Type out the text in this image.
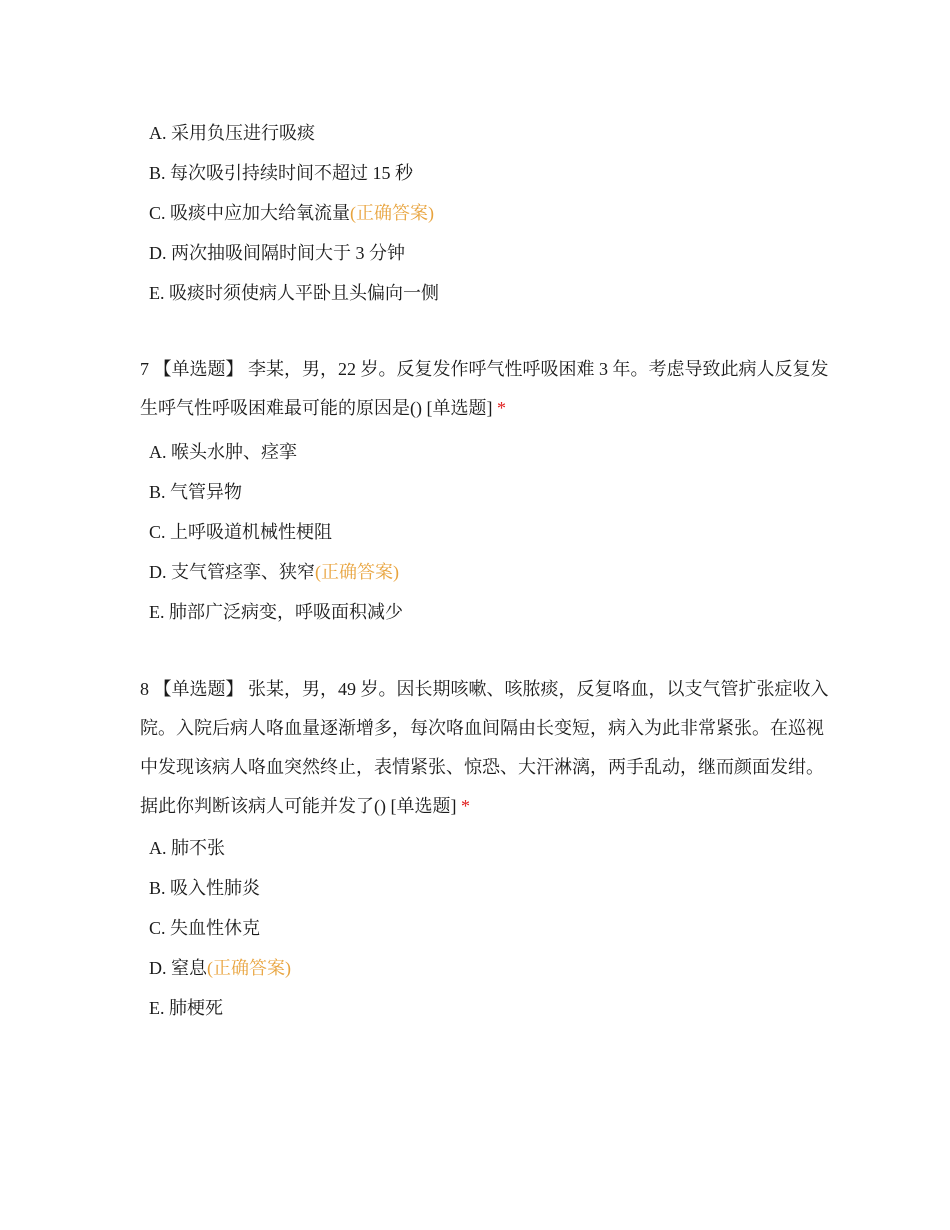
A. 采用负压进行吸痰
B. 每次吸引持续时间不超过 15 秒
C. 吸痰中应加大给氧流量(正确答案)
D. 两次抽吸间隔时间大于 3 分钟
E. 吸痰时须使病人平卧且头偏向一侧
7 【单选题】 李某，男，22 岁。反复发作呼气性呼吸困难 3 年。考虑导致此病人反复发生呼气性呼吸困难最可能的原因是() [单选题] *
A. 喉头水肿、痉挛
B. 气管异物
C. 上呼吸道机械性梗阻
D. 支气管痉挛、狭窄(正确答案)
E. 肺部广泛病变，呼吸面积减少
8 【单选题】 张某，男，49 岁。因长期咳嗽、咳脓痰，反复咯血，以支气管扩张症收入院。入院后病人咯血量逐渐增多，每次咯血间隔由长变短，病入为此非常紧张。在巡视中发现该病人咯血突然终止，表情紧张、惊恐、大汗淋漓，两手乱动，继而颜面发绀。据此你判断该病人可能并发了() [单选题] *
A. 肺不张
B. 吸入性肺炎
C. 失血性休克
D. 窒息(正确答案)
E. 肺梗死
